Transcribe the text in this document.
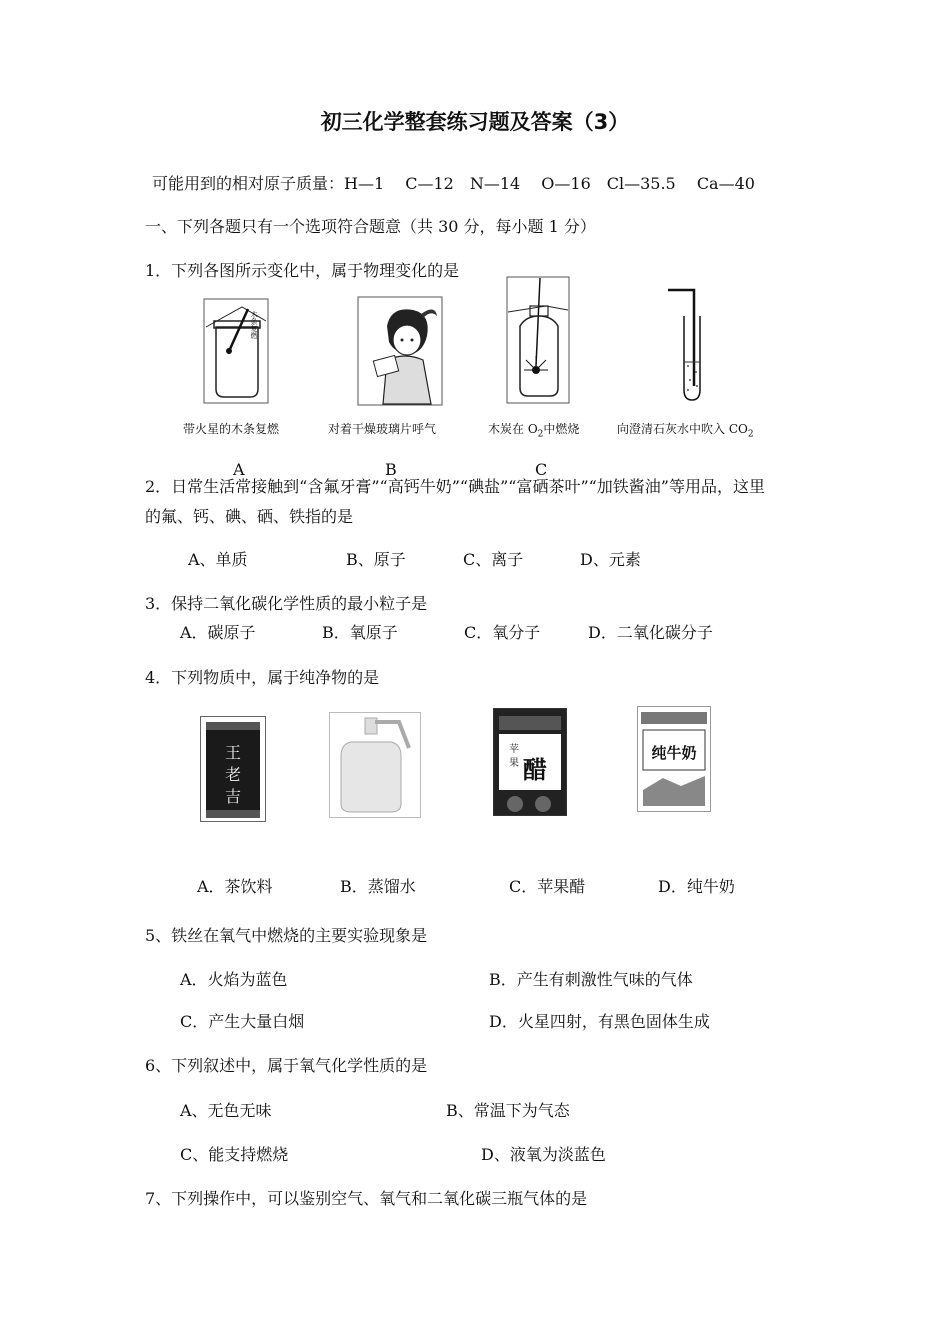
初三化学整套练习题及答案（3）
可能用到的相对原子质量：H—1　 C—12　N—14　 O—16　Cl—35.5　 Ca—40
一、下列各题只有一个选项符合题意（共 30 分，每小题 1 分）
1．下列各图所示变化中，属于物理变化的是
木条复燃
带火星的木条复燃	对着干燥玻璃片呼气	木炭在 $O_2$中燃烧	向澄清石灰水中吹入 $CO_2$
A	B	C
2．日常生活常接触到“含氟牙膏”“高钙牛奶”“碘盐”“富硒茶叶”“加铁酱油”等用品，这里
的氟、钙、碘、硒、铁指的是
A、单质	B、原子	C、离子	D、元素
3．保持二氧化碳化学性质的最小粒子是
A．碳原子	B．氧原子	C．氧分子	D．二氧化碳分子
4．下列物质中，属于纯净物的是
王
老
吉
苹
果 醋
纯牛奶
A．茶饮料	B．蒸馏水	C．苹果醋	D．纯牛奶
5、铁丝在氧气中燃烧的主要实验现象是
A．火焰为蓝色	B．产生有刺激性气味的气体
C．产生大量白烟	D．火星四射，有黑色固体生成
6、下列叙述中，属于氧气化学性质的是
A、无色无味	B、常温下为气态
C、能支持燃烧	D、液氧为淡蓝色
7、下列操作中，可以鉴别空气、氧气和二氧化碳三瓶气体的是
